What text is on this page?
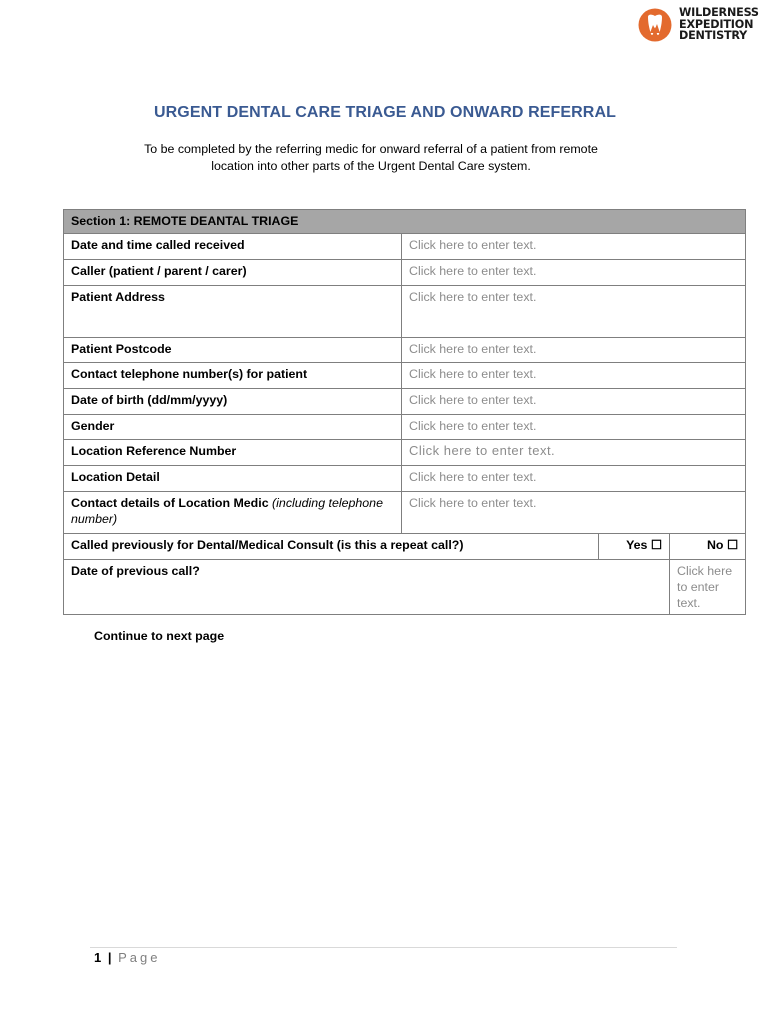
WILDERNESS
EXPEDITION
DENTISTRY
URGENT DENTAL CARE TRIAGE AND ONWARD REFERRAL
To be completed by the referring medic for onward referral of a patient from remote
location into other parts of the Urgent Dental Care system.
Section 1: REMOTE DEANTAL TRIAGE			
Date and time called received	Click here to enter text.		
Caller (patient / parent / carer)	Click here to enter text.		
Patient Address	Click here to enter text.		
Patient Postcode	Click here to enter text.		
Contact telephone number(s) for patient	Click here to enter text.		
Date of birth (dd/mm/yyyy)	Click here to enter text.		
Gender	Click here to enter text.		
Location Reference Number	Click here to enter text.		
Location Detail	Click here to enter text.		
Contact details of Location Medic (including telephone number)	Click here to enter text.		
Called previously for Dental/Medical Consult (is this a repeat call?)		Yes ☐	No ☐
Date of previous call?			Click here to enter text.
Continue to next page
1 | Page
